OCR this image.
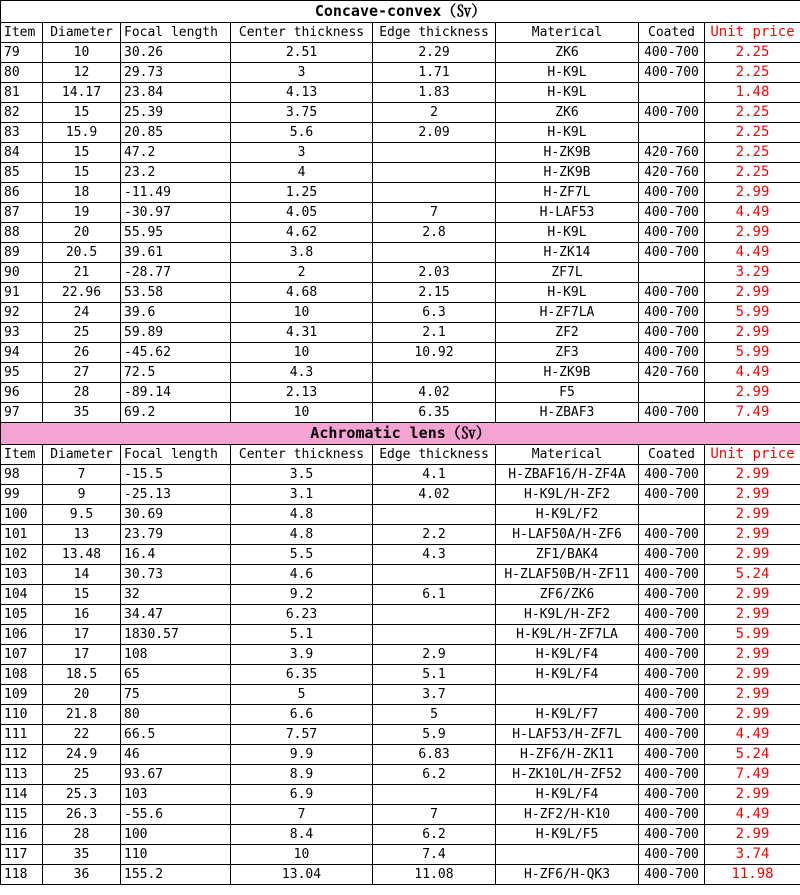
Concave-convex（㏜）							
Item	Diameter	Focal length	Center thickness	Edge thickness	Materical	Coated	Unit price
79	10	30.26	2.51	2.29	ZK6	400-700	2.25
80	12	29.73	3	1.71	H-K9L	400-700	2.25
81	14.17	23.84	4.13	1.83	H-K9L		1.48
82	15	25.39	3.75	2	ZK6	400-700	2.25
83	15.9	20.85	5.6	2.09	H-K9L		2.25
84	15	47.2	3		H-ZK9B	420-760	2.25
85	15	23.2	4		H-ZK9B	420-760	2.25
86	18	-11.49	1.25		H-ZF7L	400-700	2.99
87	19	-30.97	4.05	7	H-LAF53	400-700	4.49
88	20	55.95	4.62	2.8	H-K9L	400-700	2.99
89	20.5	39.61	3.8		H-ZK14	400-700	4.49
90	21	-28.77	2	2.03	ZF7L		3.29
91	22.96	53.58	4.68	2.15	H-K9L	400-700	2.99
92	24	39.6	10	6.3	H-ZF7LA	400-700	5.99
93	25	59.89	4.31	2.1	ZF2	400-700	2.99
94	26	-45.62	10	10.92	ZF3	400-700	5.99
95	27	72.5	4.3		H-ZK9B	420-760	4.49
96	28	-89.14	2.13	4.02	F5		2.99
97	35	69.2	10	6.35	H-ZBAF3	400-700	7.49
Achromatic lens（㏜）							
Item	Diameter	Focal length	Center thickness	Edge thickness	Materical	Coated	Unit price
98	7	-15.5	3.5	4.1	H-ZBAF16/H-ZF4A	400-700	2.99
99	9	-25.13	3.1	4.02	H-K9L/H-ZF2	400-700	2.99
100	9.5	30.69	4.8		H-K9L/F2		2.99
101	13	23.79	4.8	2.2	H-LAF50A/H-ZF6	400-700	2.99
102	13.48	16.4	5.5	4.3	ZF1/BAK4	400-700	2.99
103	14	30.73	4.6		H-ZLAF50B/H-ZF11	400-700	5.24
104	15	32	9.2	6.1	ZF6/ZK6	400-700	2.99
105	16	34.47	6.23		H-K9L/H-ZF2	400-700	2.99
106	17	1830.57	5.1		H-K9L/H-ZF7LA	400-700	5.99
107	17	108	3.9	2.9	H-K9L/F4	400-700	2.99
108	18.5	65	6.35	5.1	H-K9L/F4	400-700	2.99
109	20	75	5	3.7		400-700	2.99
110	21.8	80	6.6	5	H-K9L/F7	400-700	2.99
111	22	66.5	7.57	5.9	H-LAF53/H-ZF7L	400-700	4.49
112	24.9	46	9.9	6.83	H-ZF6/H-ZK11	400-700	5.24
113	25	93.67	8.9	6.2	H-ZK10L/H-ZF52	400-700	7.49
114	25.3	103	6.9		H-K9L/F4	400-700	2.99
115	26.3	-55.6	7	7	H-ZF2/H-K10	400-700	4.49
116	28	100	8.4	6.2	H-K9L/F5	400-700	2.99
117	35	110	10	7.4		400-700	3.74
118	36	155.2	13.04	11.08	H-ZF6/H-QK3	400-700	11.98
